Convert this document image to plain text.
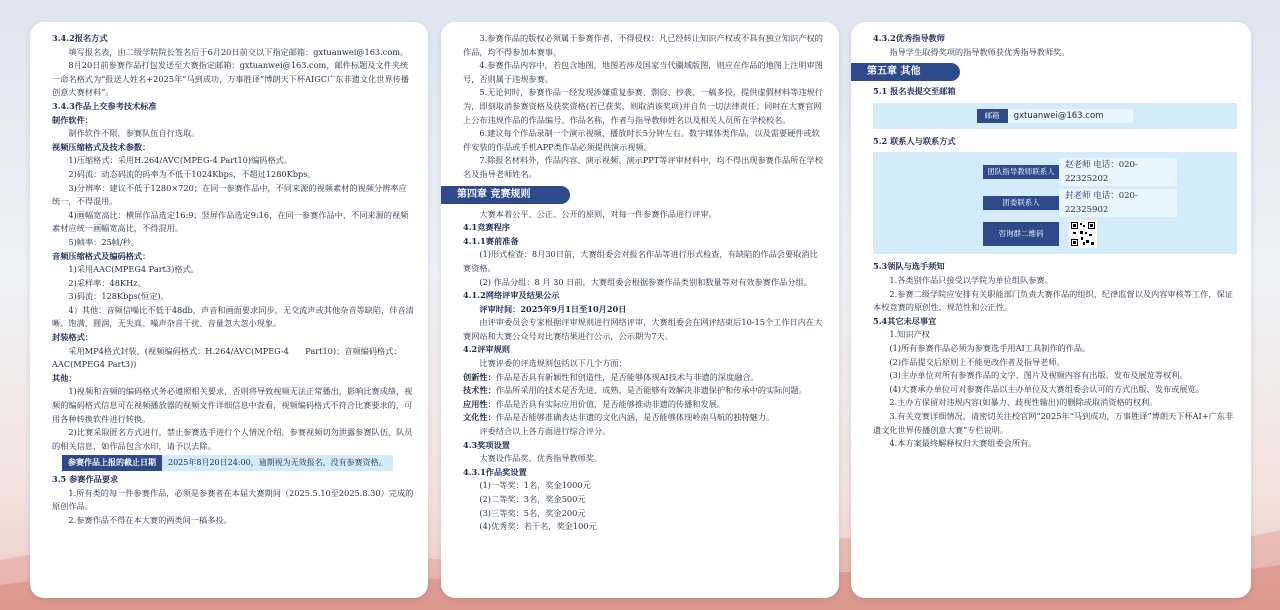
3.4.2报名方式

填写报名表，由二级学院院长签名后于6月20日前交以下指定邮箱：gxtuanwei@163.com。

8月20日前参赛作品打包发送至大赛指定邮箱：gxtuanwei@163.com，邮件标题及文件夹统一命名格式为“报送人姓名+2025年“马到成功，万事胜译”博朗天下杯AIGC广东非遗文化世界传播创意大赛材料”。

3.4.3作品上交参考技术标准

制作软件：

制作软件不限，参赛队伍自行选取。

视频压缩格式及技术参数：

1)压缩格式：采用H.264/AVC(MPEG-4 Part10)编码格式。

2)码流：动态码流的码率为不低于1024Kbps，不超过1280Kbps。

3)分辨率：建议不低于1280×720；在同一参赛作品中，不同来源的视频素材的视频分辨率应统一，不得混用。

4)画幅宽高比：横屏作品选定16:9；竖屏作品选定9:16，在同一参赛作品中，不同来源的视频素材应统一画幅宽高比，不得混用。

5)帧率：25帧/秒。

音频压缩格式及编码格式：

1)采用AAC(MPEG4 Part3)格式。

2)采样率：48KHz。

3)码流：128Kbps(恒定)。

4）其他：音频信噪比不低于48db，声音和画面要求同步，无交流声或其他杂音等缺陷，伴音清晰、饱满、圆润，无失真、噪声杂音干扰、音量忽大忽小现象。

封装格式：

采用MP4格式封装，(视频编码格式：H.264/AVC(MPEG-4　　Part10)；音频编码格式：AAC(MPEG4 Part3))

其他：

1)视频和音频的编码格式务必遵照相关要求，否则将导致视频无法正常播出，影响比赛成绩，视频的编码格式信息可在视频播放器的视频文件详细信息中查看，视频编码格式不符合比赛要求的，可用各种转换软件进行转换。

2)比赛采取匿名方式进行，禁止参赛选手进行个人情况介绍，参赛视频切勿泄露参赛队伍、队员的相关信息，如作品包含水印，请予以去除。

参赛作品上报的截止日期	2025年8月20日24:00，逾期视为无效报名，没有参赛资格。

3.5 参赛作品要求

1.所有类的每一件参赛作品，必须是参赛者在本届大赛期间（2025.5.10至2025.8.30）完成的原创作品。

2.参赛作品不得在本大赛的两类间一稿多投。

3.参赛作品的版权必须属于参赛作者，不得侵权；凡已经转让知识产权或不具有独立知识产权的作品，均不得参加本赛事。

4.参赛作品内容中，若包含地图，地图若涉及国家当代疆域版图，则应在作品的地图上注明审图号，否则属于违规参赛。

5.无论何时，参赛作品一经发现涉嫌重复参赛、剽窃、抄袭、一稿多投，提供虚假材料等违规行为，即刻取消参赛资格及获奖资格(若已获奖，则取消该奖项)并自负一切法律责任；同时在大赛官网上公布违规作品的作品编号、作品名称，作者与指导教师姓名以及相关人员所在学校校名。

6.建议每个作品录制一个演示视频，播放时长5分钟左右。数字媒体类作品，以及需要硬件或软件安装的作品或手机APP类作品必须提供演示视频。

7.除报名材料外，作品内容、演示视频、演示PPT等评审材料中，均不得出现参赛作品所在学校名及指导老师姓名。

第四章 竞赛规则

大赛本着公平、公正、公开的原则，对每一件参赛作品进行评审。

4.1竞赛程序

4.1.1赛前准备

(1)形式检查：8月30日前，大赛组委会对报名作品等进行形式检查，有缺陷的作品会要取消比赛资格。

(2) 作品分组：8 月 30 日前，大赛组委会根据参赛作品类别和数量等对有效参赛作品分组。

4.1.2网络评审及结果公示

评审时间：2025年9月1日至10月20日

由评审委员会专家根据评审规则进行网络评审，大赛组委会在网评结束后10-15个工作日内在大赛网站和大赛公众号对比赛结果进行公示，公示期为7天。

4.2评审规则

比赛评委的评选规则包括以下几个方面：

创新性：作品是否具有新颖性和创造性，是否能够体现AI技术与非遗的深度融合。

技术性：作品所采用的技术是否先进、成熟，是否能够有效解决非遗保护和传承中的实际问题。

应用性：作品是否具有实际应用价值，是否能够推动非遗的传播和发展。

文化性：作品是否能够准确表达非遗的文化内涵，是否能够体现岭南马航的独特魅力。

评委结合以上各方面进行综合评分。

4.3奖项设置

大赛设作品奖、优秀指导教师奖。

4.3.1作品奖设置

(1)一等奖：1名，奖金1000元

(2)二等奖：3名，奖金500元

(3)三等奖：5名，奖金200元

(4)优秀奖：若干名，奖金100元

4.3.2优秀指导教师

指导学生取得奖项的指导教师获优秀指导教师奖。

第五章 其他
5.1 报名表提交至邮箱
邮箱	gxtuanwei@163.com
5.2 联系人与联系方式
团队指导教师联系人
赵老师 电话：020-22325202
团委联系人
封老师 电话：020-22325902
咨询群二维码

5.3领队与选手须知

1.各类别作品只接受以学院为单位组队参赛。

2.参赛二级学院应安排有关职能部门负责大赛作品的组织、纪律监督以及内容审核等工作，保证本校竞赛的原创性、规范性和公正性。

5.4其它未尽事宜

1.知识产权

(1)所有参赛作品必须为参赛选手用AI工具制作的作品。

(2)作品提交后原则上不能更改作者及指导老师。

(3)主办单位对所有参赛作品的文字、图片及视频内容有出版、发布及展览等权利。

(4)大赛承办单位可对参赛作品以主办单位及大赛组委会认可的方式出版、发布或展览。

2.主办方保留对违规内容(如暴力、歧视性输出)的删除或取消资格的权利。

3.有关竞赛详细情况，请密切关注校官网“2025年“马到成功，万事胜译”博朗天下杯AI+广东非遗文化世界传播创意大赛”专栏说明。

4.本方案最终解释权归大赛组委会所有。
